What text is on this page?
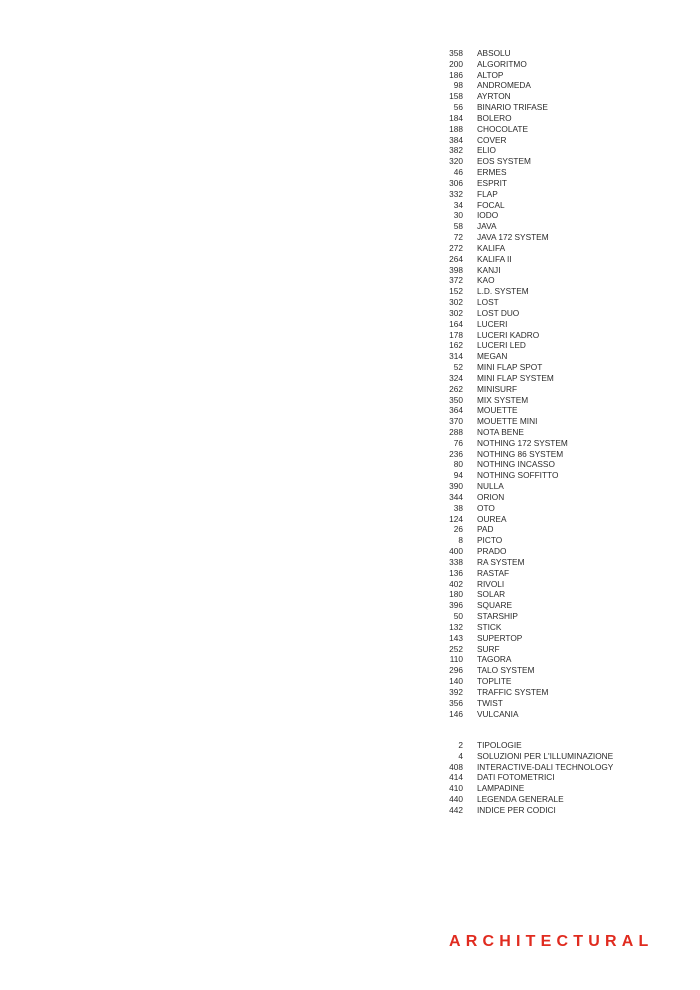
358 ABSOLU
200 ALGORITMO
186 ALTOP
98 ANDROMEDA
158 AYRTON
56 BINARIO TRIFASE
184 BOLERO
188 CHOCOLATE
384 COVER
382 ELIO
320 EOS SYSTEM
46 ERMES
306 ESPRIT
332 FLAP
34 FOCAL
30 IODO
58 JAVA
72 JAVA 172 SYSTEM
272 KALIFA
264 KALIFA II
398 KANJI
372 KAO
152 L.D. SYSTEM
302 LOST
302 LOST DUO
164 LUCERI
178 LUCERI KADRO
162 LUCERI LED
314 MEGAN
52 MINI FLAP SPOT
324 MINI FLAP SYSTEM
262 MINISURF
350 MIX SYSTEM
364 MOUETTE
370 MOUETTE MINI
288 NOTA BENE
76 NOTHING 172 SYSTEM
236 NOTHING 86 SYSTEM
80 NOTHING INCASSO
94 NOTHING SOFFITTO
390 NULLA
344 ORION
38 OTO
124 OUREA
26 PAD
8 PICTO
400 PRADO
338 RA SYSTEM
136 RASTAF
402 RIVOLI
180 SOLAR
396 SQUARE
50 STARSHIP
132 STICK
143 SUPERTOP
252 SURF
110 TAGORA
296 TALO SYSTEM
140 TOPLITE
392 TRAFFIC SYSTEM
356 TWIST
146 VULCANIA
2 TIPOLOGIE
4 SOLUZIONI PER L'ILLUMINAZIONE
408 INTERACTIVE-DALI TECHNOLOGY
414 DATI FOTOMETRICI
410 LAMPADINE
440 LEGENDA GENERALE
442 INDICE PER CODICI
ARCHITECTURAL
